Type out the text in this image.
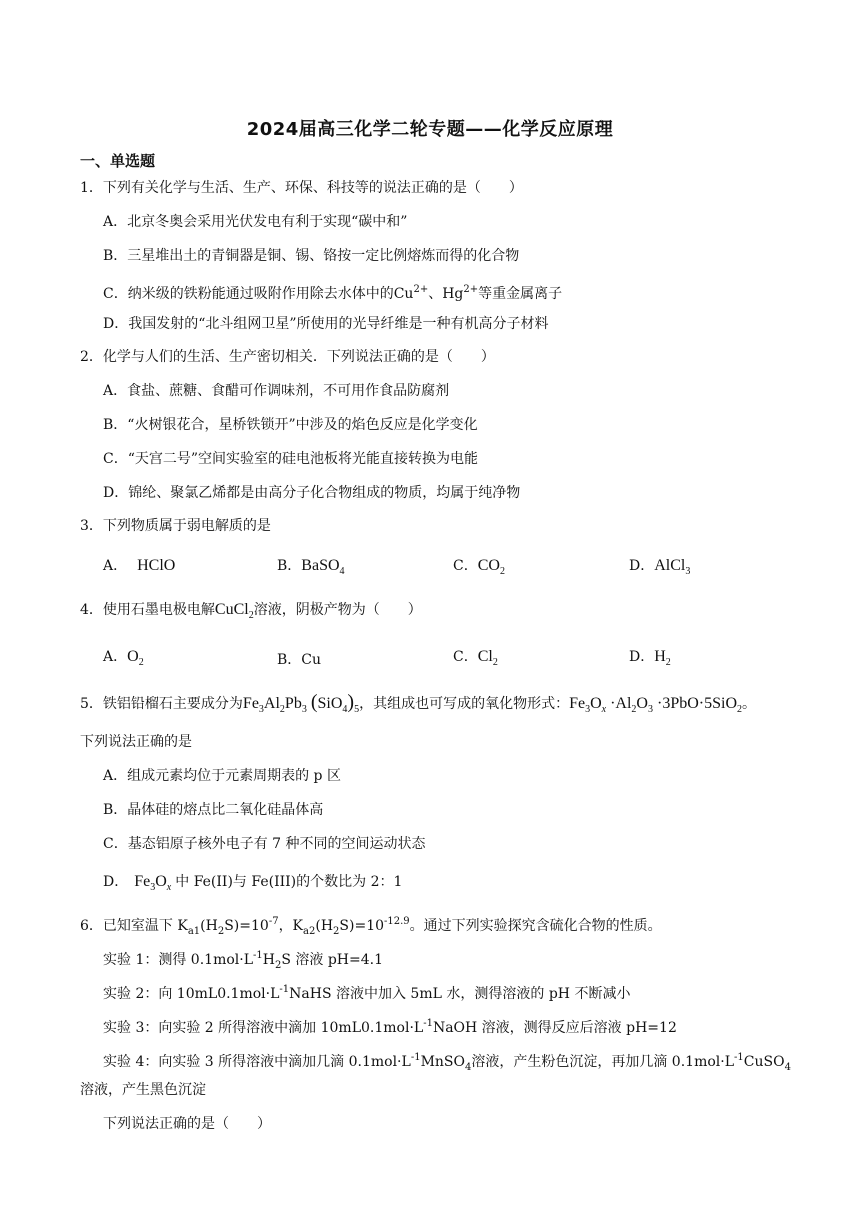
2024届高三化学二轮专题——化学反应原理
一、单选题
1．下列有关化学与生活、生产、环保、科技等的说法正确的是（　　）
A．北京冬奥会采用光伏发电有利于实现“碳中和”
B．三星堆出土的青铜器是铜、锡、铬按一定比例熔炼而得的化合物
C．纳米级的铁粉能通过吸附作用除去水体中的$Cu^{2+}$、$Hg^{2+}$等重金属离子
D．我国发射的“北斗组网卫星”所使用的光导纤维是一种有机高分子材料
2．化学与人们的生活、生产密切相关．下列说法正确的是（　　）
A．食盐、蔗糖、食醋可作调味剂，不可用作食品防腐剂
B．“火树银花合，星桥铁锁开”中涉及的焰色反应是化学变化
C．“天宫二号”空间实验室的硅电池板将光能直接转换为电能
D．锦纶、聚氯乙烯都是由高分子化合物组成的物质，均属于纯净物
3．下列物质属于弱电解质的是
A． HClO	B．BaSO$_4$	C．$CO_2$	D．AlCl$_3$
4．使用石墨电极电解CuCl$_2$溶液，阴极产物为（　　）
A．$O_2$	B．Cu	C．$Cl_2$	D．$H_2$
5．铁铝铅榴石主要成分为$Fe_3Al_2Pb_3$ $(SiO_4)_5$，其组成也可写成的氧化物形式：$Fe_3O_x \cdot Al_2O_3 \cdot 3PbO\cdot 5SiO_2$。
下列说法正确的是
A．组成元素均位于元素周期表的 p 区
B．晶体硅的熔点比二氧化硅晶体高
C．基态铝原子核外电子有 7 种不同的空间运动状态
D． $Fe_3O_x$ 中 Fe(II)与 Fe(III)的个数比为 2：1
6．已知室温下 $K_{a1}(H_2S)=10^{-7}$，$K_{a2}(H_2S)=10^{-12.9}$。通过下列实验探究含硫化合物的性质。
实验 1：测得 $0.1mol\cdot L^{-1}H_2S$ 溶液 pH=4.1
实验 2：向 $10mL0.1mol\cdot L^{-1}NaHS$ 溶液中加入 5mL 水，测得溶液的 pH 不断减小
实验 3：向实验 2 所得溶液中滴加 $10mL0.1mol\cdot L^{-1}NaOH$ 溶液，测得反应后溶液 pH=12
实验 4：向实验 3 所得溶液中滴加几滴 $0.1mol\cdot L^{-1}MnSO_4$溶液，产生粉色沉淀，再加几滴 $0.1mol\cdot L^{-1}CuSO_4$
溶液，产生黑色沉淀
下列说法正确的是（　　）
